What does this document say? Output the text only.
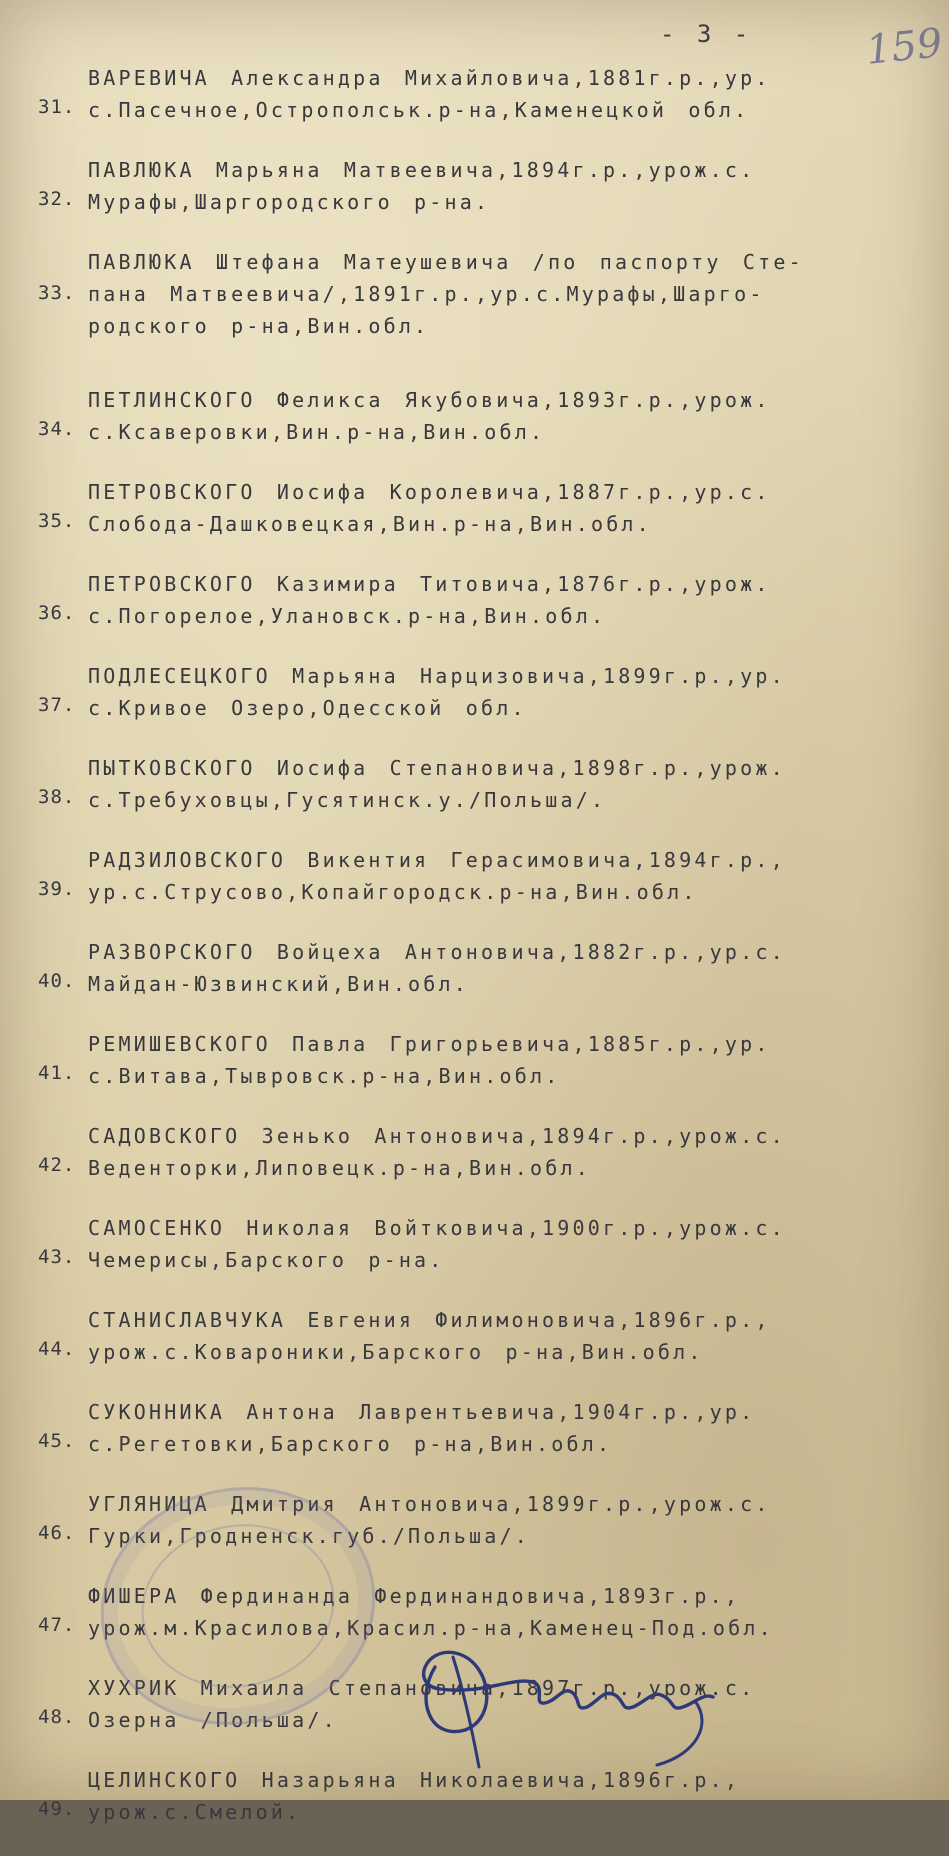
- 3 -	159
31.
ВАРЕВИЧА Александра Михайловича,1881г.р.,ур.
с.Пасечное,Острополськ.р-на,Каменецкой обл.
32.
ПАВЛЮКА Марьяна Матвеевича,1894г.р.,урож.с.
Мурафы,Шаргородского р-на.
33.
ПАВЛЮКА Штефана Матеушевича /по паспорту Сте-
пана Матвеевича/,1891г.р.,ур.с.Мурафы,Шарго-
родского р-на,Вин.обл.
34.
ПЕТЛИНСКОГО Феликса Якубовича,1893г.р.,урож.
с.Ксаверовки,Вин.р-на,Вин.обл.
35.
ПЕТРОВСКОГО Иосифа Королевича,1887г.р.,ур.с.
Слобода-Дашковецкая,Вин.р-на,Вин.обл.
36.
ПЕТРОВСКОГО Казимира Титовича,1876г.р.,урож.
с.Погорелое,Улановск.р-на,Вин.обл.
37.
ПОДЛЕСЕЦКОГО Марьяна Нарцизовича,1899г.р.,ур.
с.Кривое Озеро,Одесской обл.
38.
ПЫТКОВСКОГО Иосифа Степановича,1898г.р.,урож.
с.Требуховцы,Гусятинск.у./Польша/.
39.
РАДЗИЛОВСКОГО Викентия Герасимовича,1894г.р.,
ур.с.Струсово,Копайгородск.р-на,Вин.обл.
40.
РАЗВОРСКОГО Войцеха Антоновича,1882г.р.,ур.с.
Майдан-Юзвинский,Вин.обл.
41.
РЕМИШЕВСКОГО Павла Григорьевича,1885г.р.,ур.
с.Витава,Тывровск.р-на,Вин.обл.
42.
САДОВСКОГО Зенько Антоновича,1894г.р.,урож.с.
Веденторки,Липовецк.р-на,Вин.обл.
43.
САМОСЕНКО Николая Войтковича,1900г.р.,урож.с.
Чемерисы,Барского р-на.
44.
СТАНИСЛАВЧУКА Евгения Филимоновича,1896г.р.,
урож.с.Ковароники,Барского р-на,Вин.обл.
45.
СУКОННИКА Антона Лаврентьевича,1904г.р.,ур.
с.Регетовки,Барского р-на,Вин.обл.
46.
УГЛЯНИЦА Дмитрия Антоновича,1899г.р.,урож.с.
Гурки,Гродненск.губ./Польша/.
47.
ФИШЕРА Фердинанда Фердинандовича,1893г.р.,
урож.м.Красилова,Красил.р-на,Каменец-Под.обл.
48.
ХУХРИК Михаила Степановича,1897г.р.,урож.с.
Озерна /Польша/.
49.
ЦЕЛИНСКОГО Назарьяна Николаевича,1896г.р.,
урож.с.Смелой.
